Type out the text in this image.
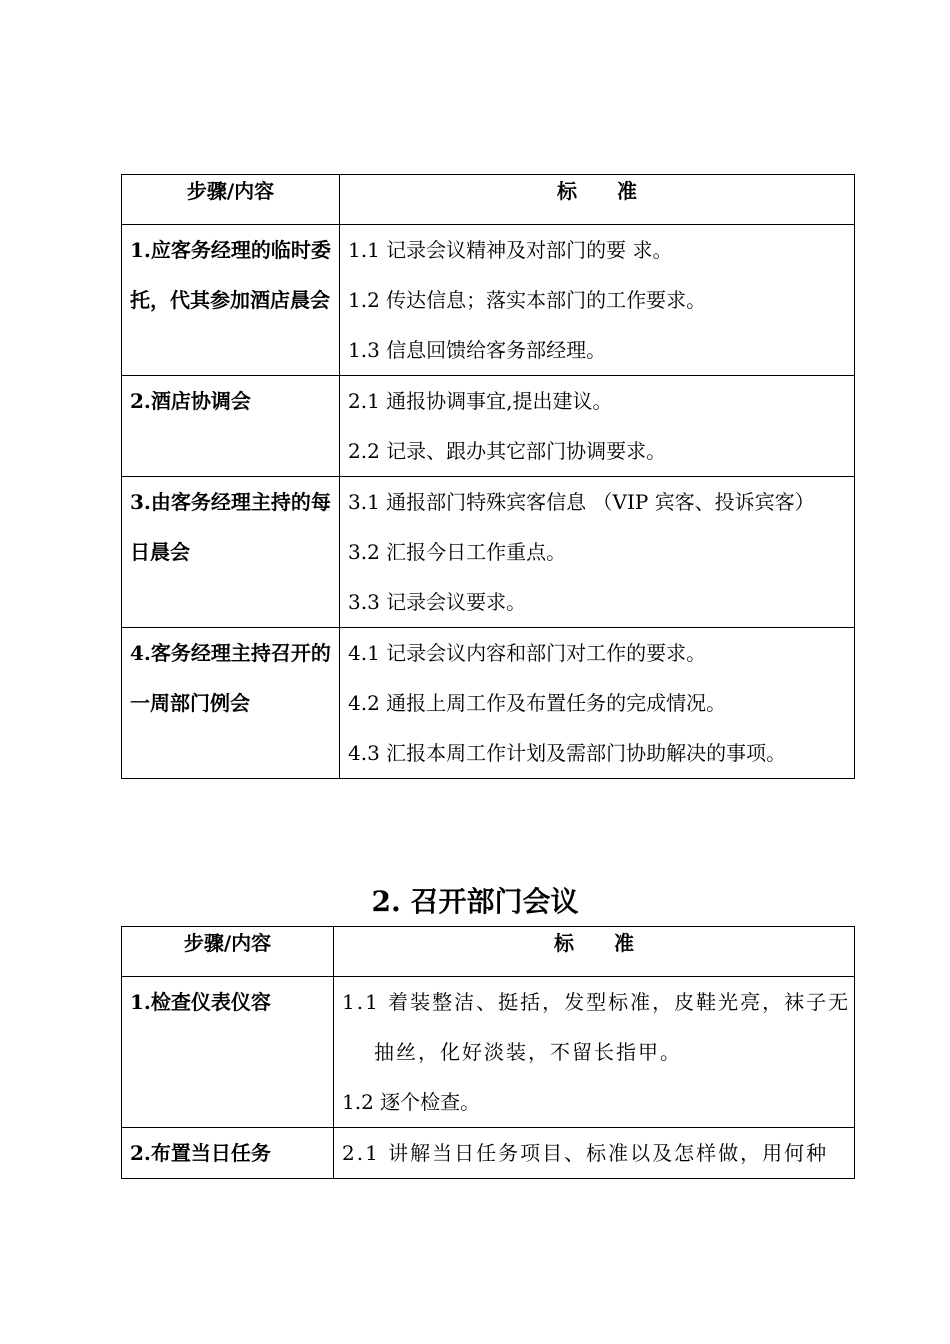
步骤/内容	标　　准
1.应客务经理的临时委托，代其参加酒店晨会	1.1 记录会议精神及对部门的要 求。
1.2 传达信息；落实本部门的工作要求。
1.3 信息回馈给客务部经理。

2.酒店协调会	2.1 通报协调事宜,提出建议。
2.2 记录、跟办其它部门协调要求。

3.由客务经理主持的每日晨会	3.1 通报部门特殊宾客信息 （VIP 宾客、投诉宾客）
3.2 汇报今日工作重点。
3.3 记录会议要求。

4.客务经理主持召开的一周部门例会	4.1 记录会议内容和部门对工作的要求。
4.2 通报上周工作及布置任务的完成情况。
4.3 汇报本周工作计划及需部门协助解决的事项。
2. 召开部门会议
步骤/内容	标　　准
1.检查仪表仪容	1.1 着装整洁、挺括，发型标准，皮鞋光亮，袜子无
抽丝，化好淡装，不留长指甲。
1.2 逐个检查。

2.布置当日任务	2.1 讲解当日任务项目、标准以及怎样做，用何种
